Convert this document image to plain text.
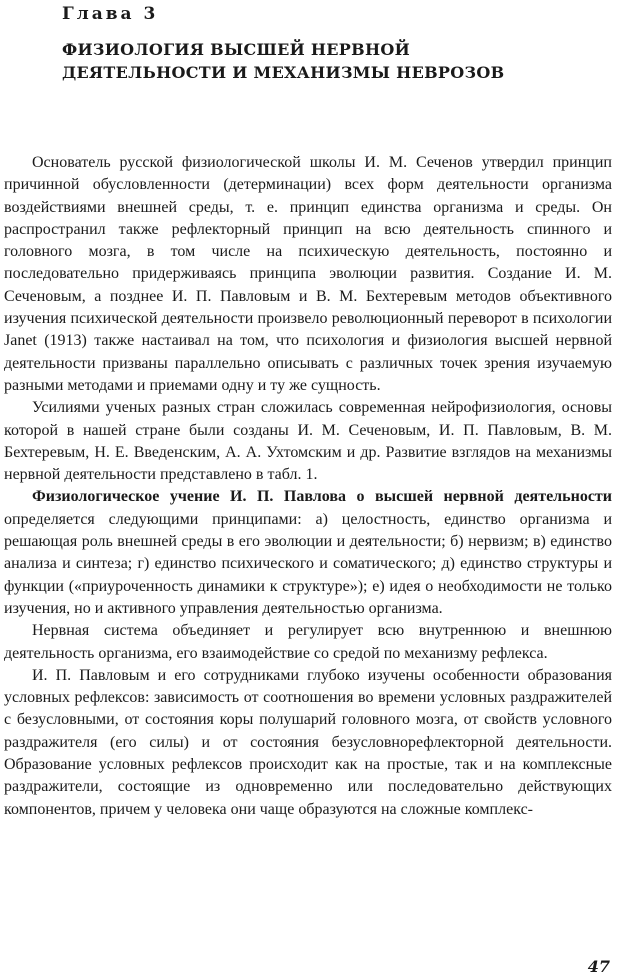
Глава 3
ФИЗИОЛОГИЯ ВЫСШЕЙ НЕРВНОЙ
ДЕЯТЕЛЬНОСТИ И МЕХАНИЗМЫ НЕВРОЗОВ

Основатель русской физиологической школы И. М. Сеченов утвердил принцип причинной обусловленности (детерминации) всех форм деятельности организма воздействиями внешней среды, т. е. принцип единства организма и среды. Он распространил также рефлекторный принцип на всю деятельность спинного и головного мозга, в том числе на психическую деятельность, постоянно и последовательно придерживаясь принципа эволюции развития. Создание И. М. Сеченовым, а позднее И. П. Павловым и В. М. Бехтеревым методов объективного изучения психической деятельности произвело революционный переворот в психологии Janet (1913) также настаивал на том, что психология и физиология высшей нервной деятельности призваны параллельно описывать с различных точек зрения изучаемую разными методами и приемами одну и ту же сущность.

Усилиями ученых разных стран сложилась современная нейрофизиология, основы которой в нашей стране были созданы И. М. Сеченовым, И. П. Павловым, В. М. Бехтеревым, Н. Е. Введенским, А. А. Ухтомским и др. Развитие взглядов на механизмы нервной деятельности представлено в табл. 1.

Физиологическое учение И. П. Павлова о высшей нервной деятельности определяется следующими принципами: а) целостность, единство организма и решающая роль внешней среды в его эволюции и деятельности; б) нервизм; в) единство анализа и синтеза; г) единство психического и соматического; д) единство структуры и функции («приуроченность динамики к структуре»); е) идея о необходимости не только изучения, но и активного управления деятельностью организма.

Нервная система объединяет и регулирует всю внутреннюю и внешнюю деятельность организма, его взаимодействие со средой по механизму рефлекса.

И. П. Павловым и его сотрудниками глубоко изучены особенности образования условных рефлексов: зависимость от соотношения во времени условных раздражителей с безусловными, от состояния коры полушарий головного мозга, от свойств условного раздражителя (его силы) и от состояния безусловнорефлекторной деятельности. Образование условных рефлексов происходит как на простые, так и на комплексные раздражители, состоящие из одновременно или последовательно действующих компонентов, причем у человека они чаще образуются на сложные комплекс-

47
